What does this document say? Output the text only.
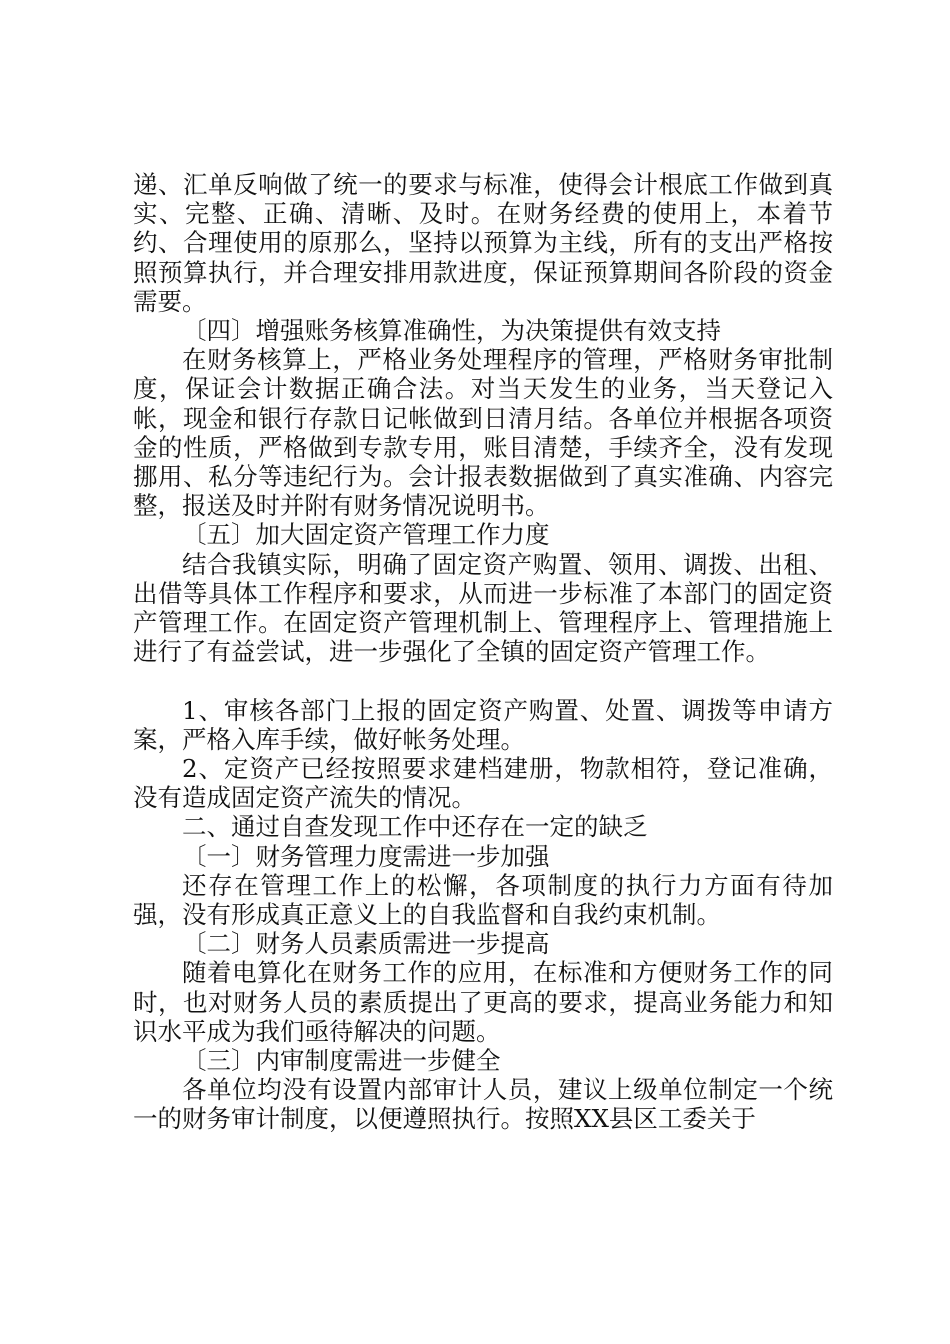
递、汇单反响做了统一的要求与标准，使得会计根底工作做到真实、完整、正确、清晰、及时。在财务经费的使用上，本着节约、合理使用的原那么，坚持以预算为主线，所有的支出严格按照预算执行，并合理安排用款进度，保证预算期间各阶段的资金需要。

〔四〕增强账务核算准确性，为决策提供有效支持

在财务核算上，严格业务处理程序的管理，严格财务审批制度，保证会计数据正确合法。对当天发生的业务，当天登记入帐，现金和银行存款日记帐做到日清月结。各单位并根据各项资金的性质，严格做到专款专用，账目清楚，手续齐全，没有发现挪用、私分等违纪行为。会计报表数据做到了真实准确、内容完整，报送及时并附有财务情况说明书。

〔五〕加大固定资产管理工作力度

结合我镇实际，明确了固定资产购置、领用、调拨、出租、出借等具体工作程序和要求，从而进一步标准了本部门的固定资产管理工作。在固定资产管理机制上、管理程序上、管理措施上进行了有益尝试，进一步强化了全镇的固定资产管理工作。

1、审核各部门上报的固定资产购置、处置、调拨等申请方案，严格入库手续，做好帐务处理。

2、定资产已经按照要求建档建册，物款相符，登记准确，没有造成固定资产流失的情况。

二、通过自查发现工作中还存在一定的缺乏

〔一〕财务管理力度需进一步加强

还存在管理工作上的松懈，各项制度的执行力方面有待加强，没有形成真正意义上的自我监督和自我约束机制。

〔二〕财务人员素质需进一步提高

随着电算化在财务工作的应用，在标准和方便财务工作的同时，也对财务人员的素质提出了更高的要求，提高业务能力和知识水平成为我们亟待解决的问题。

〔三〕内审制度需进一步健全

各单位均没有设置内部审计人员，建议上级单位制定一个统一的财务审计制度，以便遵照执行。按照XX县区工委关于
